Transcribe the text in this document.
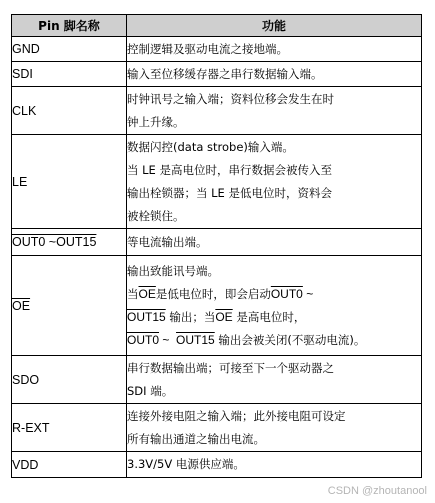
Pin 脚名称	功能
GND	控制逻辑及驱动电流之接地端。

SDI	输入至位移缓存器之串行数据输入端。

CLK	时钟讯号之输入端；资料位移会发生在时
钟上升缘。

LE	数据闪控(data strobe)输入端。
当 LE 是高电位时，串行数据会被传入至
输出栓锁器；当 LE 是低电位时，资料会
被栓锁住。

OUT0 ~OUT15	等电流输出端。

$\overline{OE}$	输出致能讯号端。
当$\overline{OE}$是低电位时，即会启动OUT0 ~
OUT15 输出；当$\overline{OE}$ 是高电位时，
OUT0 ~  OUT15 输出会被关闭(不驱动电流)。

SDO	串行数据输出端；可接至下一个驱动器之
SDI 端。

R-EXT	连接外接电阻之输入端；此外接电阻可设定
所有输出通道之输出电流。

VDD	3.3V/5V 电源供应端。
CSDN @zhoutanool
